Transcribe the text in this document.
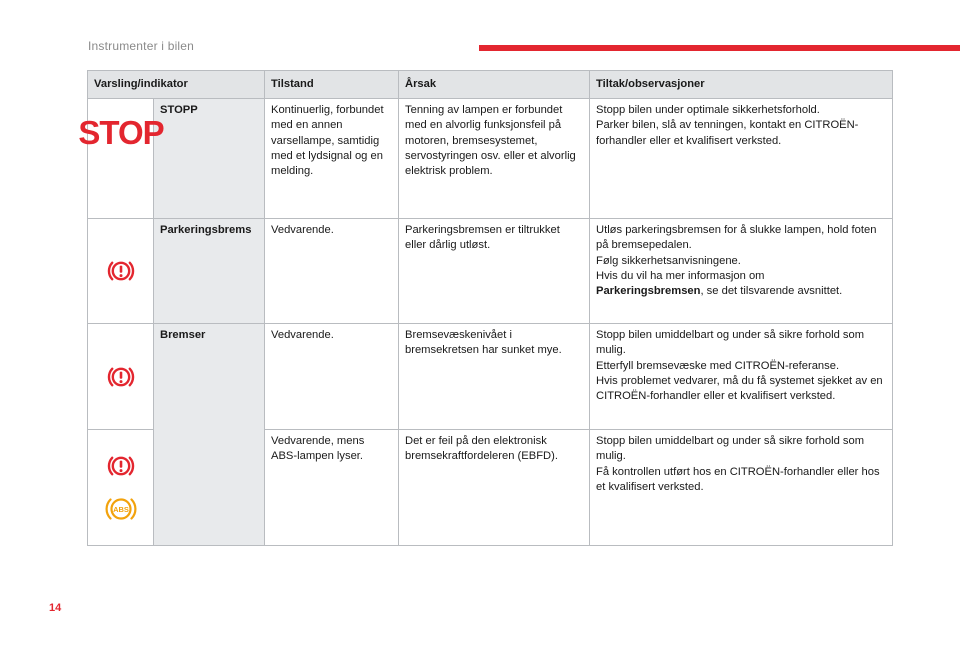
Instrumenter i bilen
Varsling/indikator		Tilstand	Årsak	Tiltak/observasjoner

STOP	STOPP	Kontinuerlig, forbundet med en annen varsellampe, samtidig med et lydsignal og en melding.	Tenning av lampen er forbundet med en alvorlig funksjonsfeil på motoren, bremsesystemet, servostyringen osv. eller et alvorlig elektrisk problem.	Stopp bilen under optimale sikkerhetsforhold.
Parker bilen, slå av tenningen, kontakt en CITROËN-forhandler eller et kvalifisert verksted.

	Parkeringsbrems	Vedvarende.	Parkeringsbremsen er tiltrukket eller dårlig utløst.	Utløs parkeringsbremsen for å slukke lampen, hold foten på bremsepedalen.
Følg sikkerhetsanvisningene.
Hvis du vil ha mer informasjon om
Parkeringsbremsen, se det tilsvarende avsnittet.

	Bremser	Vedvarende.	Bremsevæskenivået i bremsekretsen har sunket mye.	Stopp bilen umiddelbart og under så sikre forhold som mulig.
Etterfyll bremsevæske med CITROËN-referanse.
Hvis problemet vedvarer, må du få systemet sjekket av en CITROËN-forhandler eller et kvalifisert verksted.

ABS		Vedvarende, mens ABS-lampen lyser.	Det er feil på den elektronisk bremsekraftfordeleren (EBFD).	Stopp bilen umiddelbart og under så sikre forhold som mulig.
Få kontrollen utført hos en CITROËN-forhandler eller hos et kvalifisert verksted.
14
